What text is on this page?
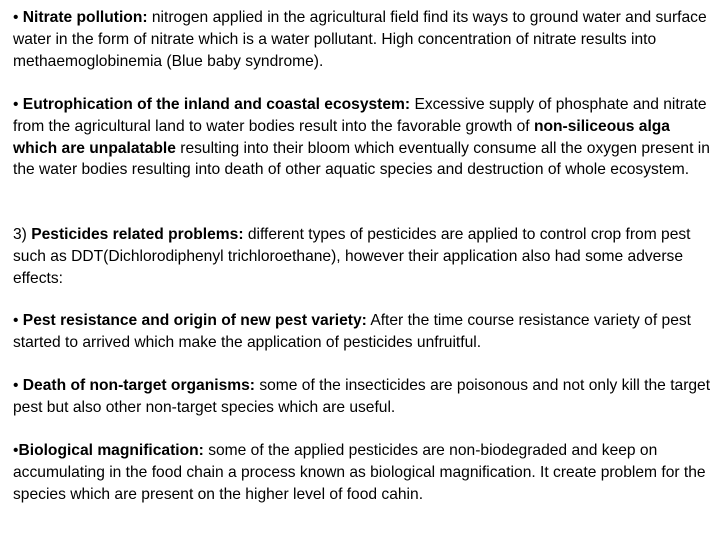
• Nitrate pollution: nitrogen applied in the agricultural field find its ways to ground water and surface water in the form of nitrate which is a water pollutant. High concentration of nitrate results into methaemoglobinemia (Blue baby syndrome).

• Eutrophication of the inland and coastal ecosystem: Excessive supply of phosphate and nitrate from the agricultural land to water bodies result into the favorable growth of non-siliceous alga which are unpalatable resulting into their bloom which eventually consume all the oxygen present in the water bodies resulting into death of other aquatic species and destruction of whole ecosystem.

3) Pesticides related problems: different types of pesticides are applied to control crop from pest such as DDT(Dichlorodiphenyl trichloroethane), however their application also had some adverse effects:

• Pest resistance and origin of new pest variety: After the time course resistance variety of pest started to arrived which make the application of pesticides unfruitful.

• Death of non-target organisms: some of the insecticides are poisonous and not only kill the target pest but also other non-target species which are useful.

•Biological magnification: some of the applied pesticides are non-biodegraded and keep on accumulating in the food chain a process known as biological magnification. It create problem for the species which are present on the higher level of food cahin.
